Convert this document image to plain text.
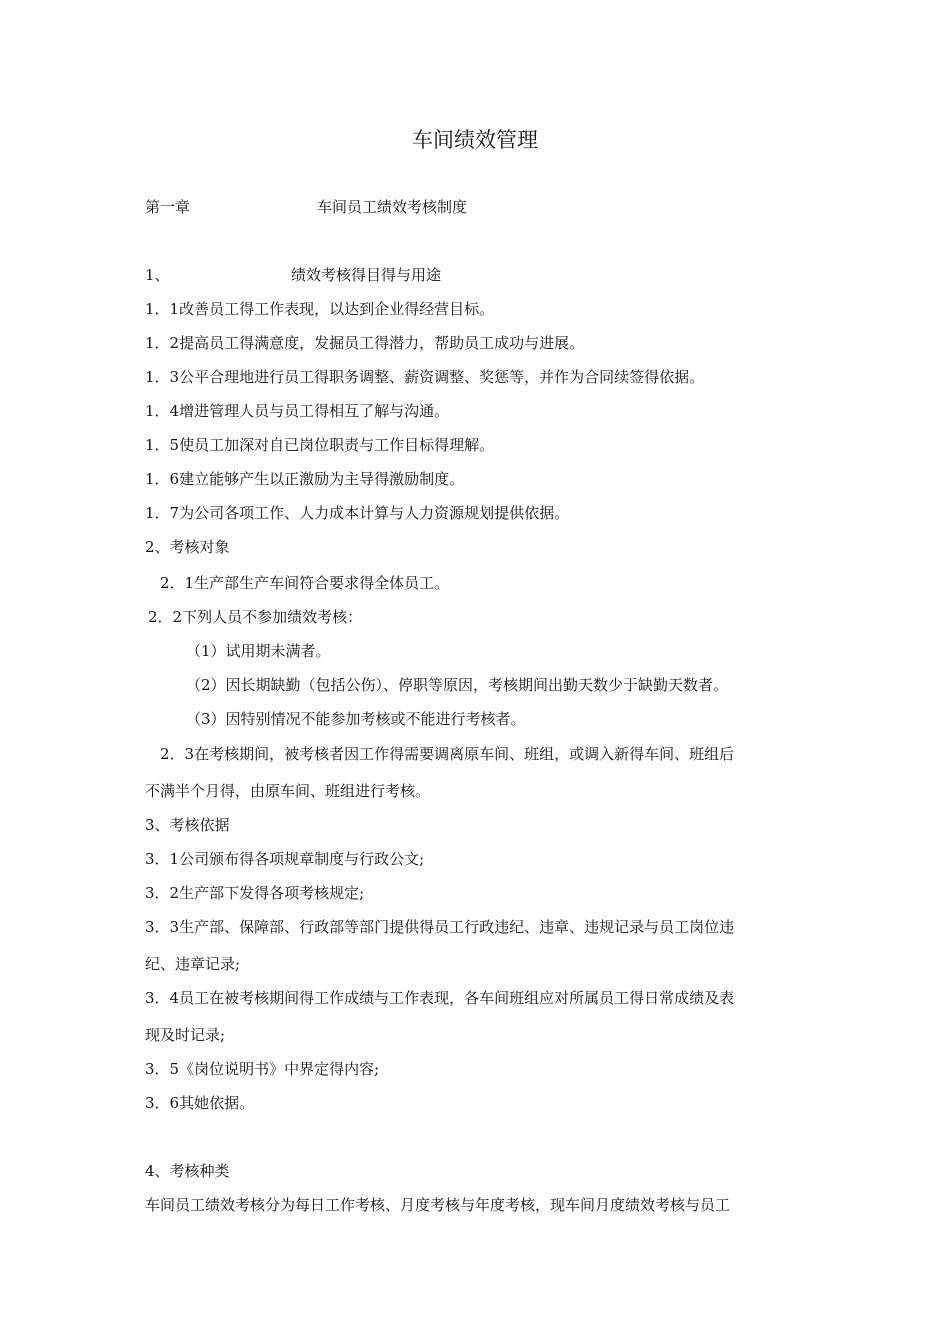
车间绩效管理
第一章	车间员工绩效考核制度
1、	绩效考核得目得与用途
1．1改善员工得工作表现，以达到企业得经营目标。
1．2提高员工得满意度，发掘员工得潜力，帮助员工成功与进展。
1．3公平合理地进行员工得职务调整、薪资调整、奖惩等，并作为合同续签得依据。
1．4增进管理人员与员工得相互了解与沟通。
1．5使员工加深对自已岗位职责与工作目标得理解。
1．6建立能够产生以正激励为主导得激励制度。
1．7为公司各项工作、人力成本计算与人力资源规划提供依据。
2、考核对象
2．1生产部生产车间符合要求得全体员工。
2．2下列人员不参加绩效考核：
（1）试用期未满者。
（2）因长期缺勤（包括公伤）、停职等原因，考核期间出勤天数少于缺勤天数者。
（3）因特别情况不能参加考核或不能进行考核者。
2．3在考核期间，被考核者因工作得需要调离原车间、班组，或调入新得车间、班组后
不满半个月得，由原车间、班组进行考核。
3、考核依据
3．1公司颁布得各项规章制度与行政公文;
3．2生产部下发得各项考核规定;
3．3生产部、保障部、行政部等部门提供得员工行政违纪、违章、违规记录与员工岗位违
纪、违章记录;
3．4员工在被考核期间得工作成绩与工作表现，各车间班组应对所属员工得日常成绩及表
现及时记录;
3．5《岗位说明书》中界定得内容;
3．6其她依据。
4、考核种类
车间员工绩效考核分为每日工作考核、月度考核与年度考核，现车间月度绩效考核与员工
